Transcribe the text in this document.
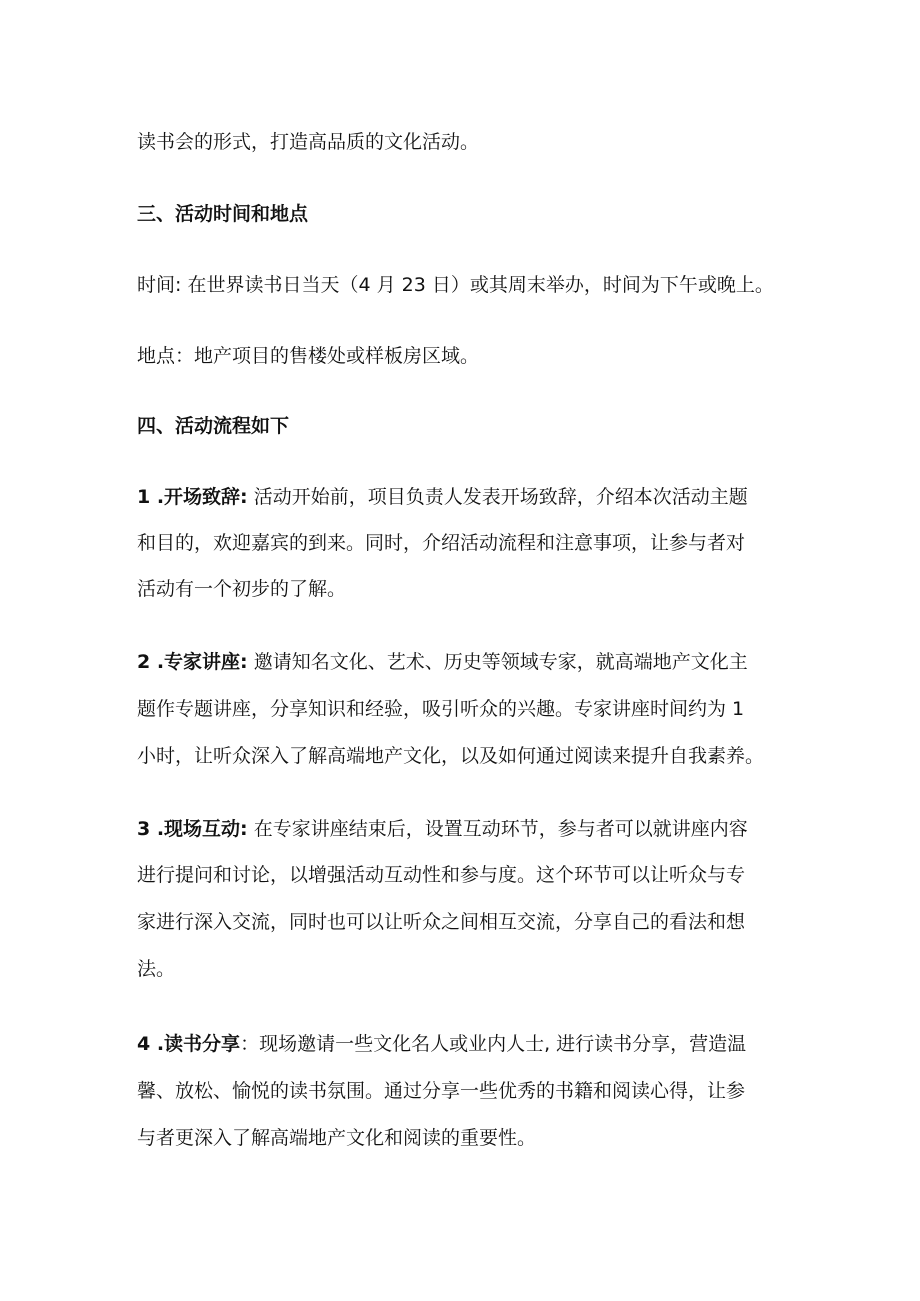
读书会的形式，打造高品质的文化活动。
三、活动时间和地点
时间: 在世界读书日当天（4 月 23 日）或其周末举办，时间为下午或晚上。
地点：地产项目的售楼处或样板房区域。
四、活动流程如下
1 .开场致辞: 活动开始前，项目负责人发表开场致辞，介绍本次活动主题
和目的，欢迎嘉宾的到来。同时，介绍活动流程和注意事项，让参与者对
活动有一个初步的了解。
2 .专家讲座: 邀请知名文化、艺术、历史等领域专家，就高端地产文化主
题作专题讲座，分享知识和经验，吸引听众的兴趣。专家讲座时间约为 1
小时，让听众深入了解高端地产文化，以及如何通过阅读来提升自我素养。
3 .现场互动: 在专家讲座结束后，设置互动环节，参与者可以就讲座内容
进行提问和讨论，以增强活动互动性和参与度。这个环节可以让听众与专
家进行深入交流，同时也可以让听众之间相互交流，分享自己的看法和想
法。
4 .读书分享：现场邀请一些文化名人或业内人士, 进行读书分享，营造温
馨、放松、愉悦的读书氛围。通过分享一些优秀的书籍和阅读心得，让参
与者更深入了解高端地产文化和阅读的重要性。
